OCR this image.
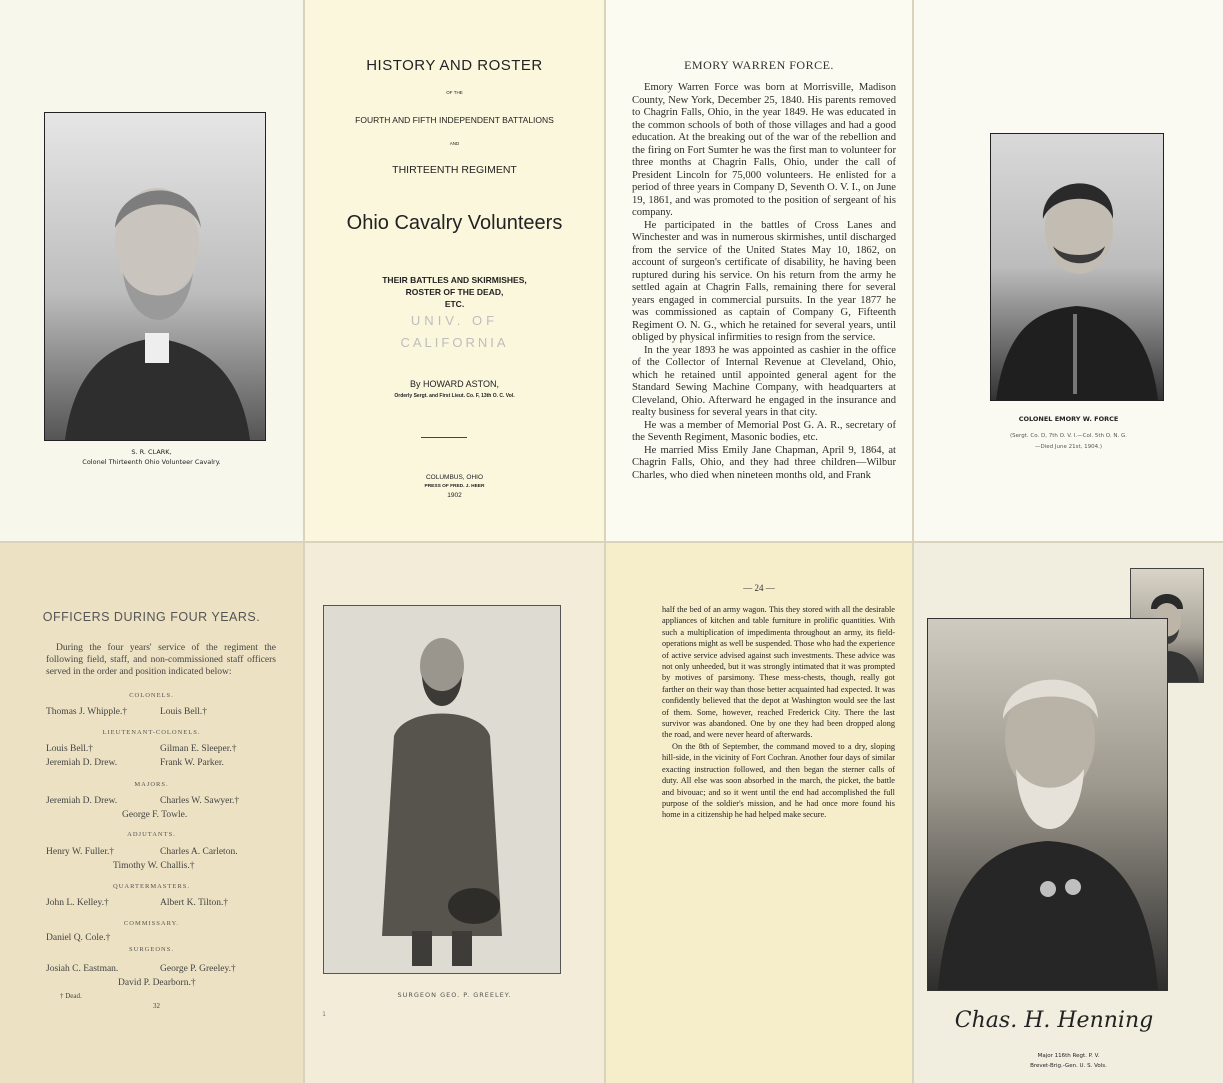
S. R. CLARK,
Colonel Thirteenth Ohio Volunteer Cavalry.
HISTORY AND ROSTER
OF THE
FOURTH AND FIFTH INDEPENDENT BATTALIONS
AND
THIRTEENTH REGIMENT
Ohio Cavalry Volunteers
THEIR BATTLES AND SKIRMISHES,
ROSTER OF THE DEAD,
ETC.
UNIV. OF
CALIFORNIA
By HOWARD ASTON,
Orderly Sergt. and First Lieut. Co. F, 13th O. C. Vol.
COLUMBUS, OHIO
PRESS OF FRED. J. HEER
1902
EMORY WARREN FORCE.

Emory Warren Force was born at Morrisville, Madison County, New York, December 25, 1840. His parents removed to Chagrin Falls, Ohio, in the year 1849. He was educated in the common schools of both of those villages and had a good education. At the breaking out of the war of the rebellion and the firing on Fort Sumter he was the first man to volunteer for three months at Chagrin Falls, Ohio, under the call of President Lincoln for 75,000 volunteers. He enlisted for a period of three years in Company D, Seventh O. V. I., on June 19, 1861, and was promoted to the position of sergeant of his company.

He participated in the battles of Cross Lanes and Winchester and was in numerous skirmishes, until discharged from the service of the United States May 10, 1862, on account of surgeon's certificate of disability, he having been ruptured during his service. On his return from the army he settled again at Chagrin Falls, remaining there for several years engaged in commercial pursuits. In the year 1877 he was commissioned as captain of Company G, Fifteenth Regiment O. N. G., which he retained for several years, until obliged by physical infirmities to resign from the service.

In the year 1893 he was appointed as cashier in the office of the Collector of Internal Revenue at Cleveland, Ohio, which he retained until appointed general agent for the Standard Sewing Machine Company, with headquarters at Cleveland, Ohio. Afterward he engaged in the insurance and realty business for several years in that city.

He was a member of Memorial Post G. A. R., secretary of the Seventh Regiment, Masonic bodies, etc.

He married Miss Emily Jane Chapman, April 9, 1864, at Chagrin Falls, Ohio, and they had three children—Wilbur Charles, who died when nineteen months old, and Frank

COLONEL EMORY W. FORCE
(Sergt. Co. D, 7th O. V. I.—Col. 5th O. N. G.
—Died June 21st, 1904.)
OFFICERS DURING FOUR YEARS.
During the four years' service of the regiment the following field, staff, and non-commissioned staff officers served in the order and position indicated below:
COLONELS.
Thomas J. Whipple.†	Louis Bell.†
LIEUTENANT-COLONELS.
Louis Bell.†	Gilman E. Sleeper.†
Jeremiah D. Drew.	Frank W. Parker.
MAJORS.
Jeremiah D. Drew.	Charles W. Sawyer.†
George F. Towle.
ADJUTANTS.
Henry W. Fuller.†	Charles A. Carleton.
Timothy W. Challis.†
QUARTERMASTERS.
John L. Kelley.†	Albert K. Tilton.†
COMMISSARY.
Daniel Q. Cole.†
SURGEONS.
Josiah C. Eastman.	George P. Greeley.†
David P. Dearborn.†
† Dead.
32
SURGEON GEO. P. GREELEY.
1
— 24 —

half the bed of an army wagon. This they stored with all the desirable appliances of kitchen and table furniture in prolific quantities. With such a multiplication of impedimenta throughout an army, its field-operations might as well be suspended. Those who had the experience of active service advised against such investments. These advice was not only unheeded, but it was strongly intimated that it was prompted by motives of parsimony. These mess-chests, though, really got farther on their way than those better acquainted had expected. It was confidently believed that the depot at Washington would see the last of them. Some, however, reached Frederick City. There the last survivor was abandoned. One by one they had been dropped along the road, and were never heard of afterwards.

On the 8th of September, the command moved to a dry, sloping hill-side, in the vicinity of Fort Cochran. Another four days of similar exacting instruction followed, and then began the sterner calls of duty. All else was soon absorbed in the march, the picket, the battle and bivouac; and so it went until the end had accomplished the full purpose of the soldier's mission, and he had once more found his home in a citizenship he had helped make secure.

Chas. H. Henning
Major 116th Regt. P. V.
Brevet-Brig.-Gen. U. S. Vols.
